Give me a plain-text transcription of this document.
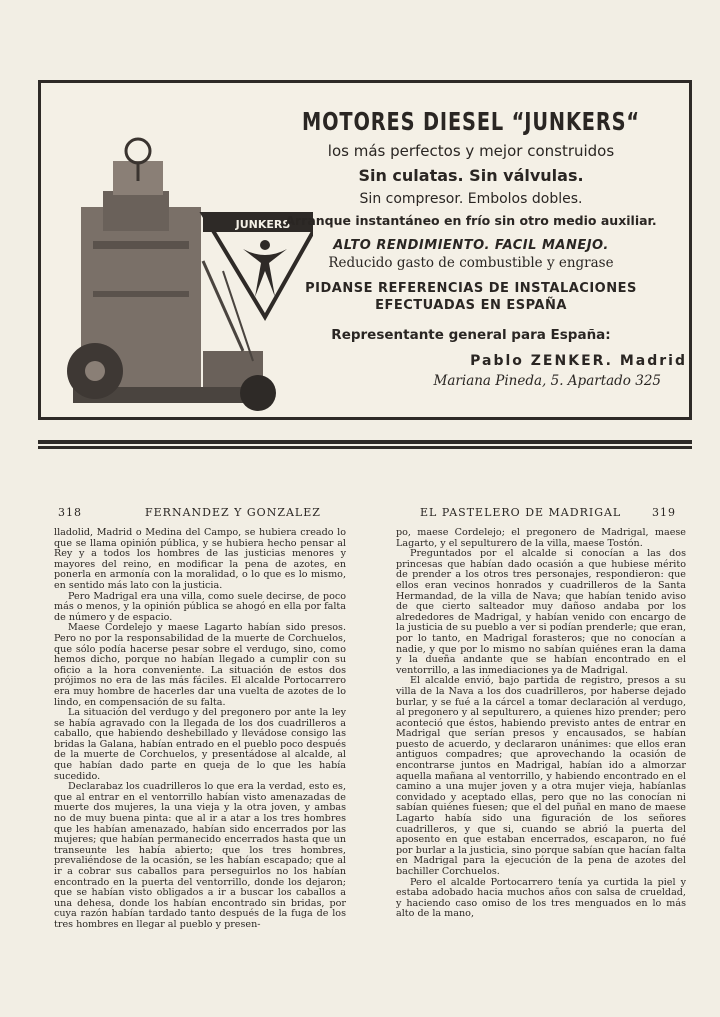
JUNKERS
MOTORES DIESEL “JUNKERS“
los más perfectos y mejor construidos
Sin culatas. Sin válvulas.
Sin compresor. Embolos dobles.
Arranque instantáneo en frío sin otro medio auxiliar.
ALTO RENDIMIENTO. FACIL MANEJO.
Reducido gasto de combustible y engrase
PIDANSE REFERENCIAS DE INSTALACIONES
EFECTUADAS EN ESPAÑA
Representante general para España:
Pablo ZENKER. Madrid
Mariana Pineda, 5. Apartado 325
318	FERNANDEZ Y GONZALEZ	EL PASTELERO DE MADRIGAL	319

lladolid, Madrid o Medina del Campo, se hubiera creado lo que se llama opinión pública, y se hubiera hecho pensar al Rey y a todos los hombres de las justicias menores y mayores del reino, en modificar la pena de azotes, en ponerla en armonía con la moralidad, o lo que es lo mismo, en sentido más lato con la justicia.

Pero Madrigal era una villa, como suele decirse, de poco más o menos, y la opinión pública se ahogó en ella por falta de número y de espacio.

Maese Cordelejo y maese Lagarto habían sido presos. Pero no por la responsabilidad de la muerte de Corchuelos, que sólo podía hacerse pesar sobre el verdugo, sino, como hemos dicho, porque no habían llegado a cumplir con su oficio a la hora conveniente. La situación de estos dos prójimos no era de las más fáciles. El alcalde Portocarrero era muy hombre de hacerles dar una vuelta de azotes de lo lindo, en compensación de su falta.

La situación del verdugo y del pregonero por ante la ley se había agravado con la llegada de los dos cuadrilleros a caballo, que habiendo deshebillado y llevádose consigo las bridas la Galana, habían entrado en el pueblo poco después de la muerte de Corchuelos, y presentádose al alcalde, al que habían dado parte en queja de lo que les había sucedido.

Declarabaz los cuadrilleros lo que era la verdad, esto es, que al entrar en el ventorrillo habían visto amenazadas de muerte dos mujeres, la una vieja y la otra joven, y ambas no de muy buena pinta: que al ir a atar a los tres hombres que les habían amenazado, habían sido encerrados por las mujeres; que habían permanecido encerrados hasta que un transeunte les había abierto; que los tres hombres, prevaliéndose de la ocasión, se les habían escapado; que al ir a cobrar sus caballos para perseguirlos no los habían encontrado en la puerta del ventorrillo, donde los dejaron; que se habían visto obligados a ir a buscar los caballos a una dehesa, donde los habían encontrado sin bridas, por cuya razón habían tardado tanto después de la fuga de los tres hombres en llegar al pueblo y presen-

po, maese Cordelejo; el pregonero de Madrigal, maese Lagarto, y el sepulturero de la villa, maese Tostón.

Preguntados por el alcalde si conocían a las dos princesas que habían dado ocasión a que hubiese mérito de prender a los otros tres personajes, respondieron: que ellos eran vecinos honrados y cuadrilleros de la Santa Hermandad, de la villa de Nava; que habían tenido aviso de que cierto salteador muy dañoso andaba por los alrededores de Madrigal, y habían venido con encargo de la justicia de su pueblo a ver si podían prenderle; que eran, por lo tanto, en Madrigal forasteros; que no conocían a nadie, y que por lo mismo no sabían quiénes eran la dama y la dueña andante que se habían encontrado en el ventorrillo, a las inmediaciones ya de Madrigal.

El alcalde envió, bajo partida de registro, presos a su villa de la Nava a los dos cuadrilleros, por haberse dejado burlar, y se fué a la cárcel a tomar declaración al verdugo, al pregonero y al sepulturero, a quienes hizo prender; pero aconteció que éstos, habiendo previsto antes de entrar en Madrigal que serían presos y encausados, se habían puesto de acuerdo, y declararon unánimes: que ellos eran antiguos compadres; que aprovechando la ocasión de encontrarse juntos en Madrigal, habían ido a almorzar aquella mañana al ventorrillo, y habiendo encontrado en el camino a una mujer joven y a otra mujer vieja, habíanlas convidado y aceptado ellas, pero que no las conocían ni sabían quiénes fuesen; que el del puñal en mano de maese Lagarto había sido una figuración de los señores cuadrilleros, y que si, cuando se abrió la puerta del aposento en que estaban encerrados, escaparon, no fué por burlar a la justicia, sino porque sabían que hacían falta en Madrigal para la ejecución de la pena de azotes del bachiller Corchuelos.

Pero el alcalde Portocarrero tenía ya curtida la piel y estaba adobado hacia muchos años con salsa de crueldad, y haciendo caso omiso de los tres menguados en lo más alto de la mano,
